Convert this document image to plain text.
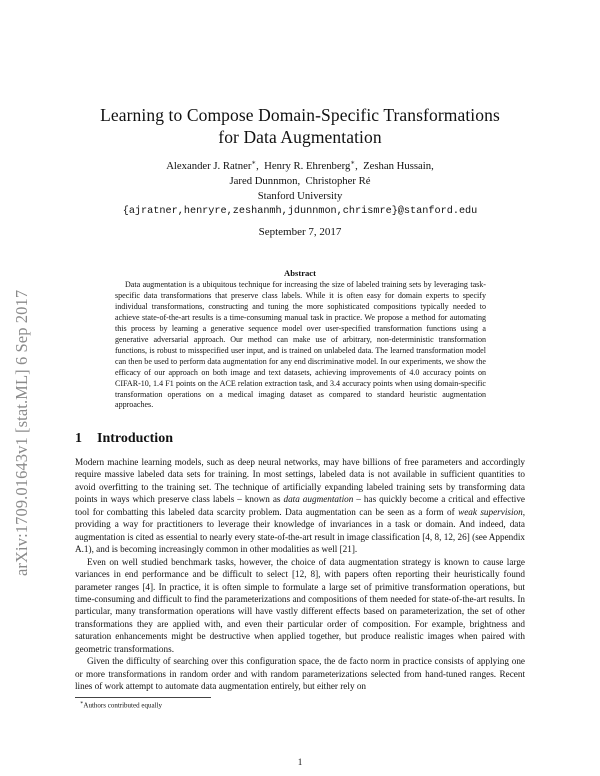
arXiv:1709.01643v1 [stat.ML] 6 Sep 2017
Learning to Compose Domain-Specific Transformations for Data Augmentation
Alexander J. Ratner∗,  Henry R. Ehrenberg∗,  Zeshan Hussain,
Jared Dunnmon, Christopher Ré
Stanford University
{ajratner,henryre,zeshanmh,jdunnmon,chrismre}@stanford.edu
September 7, 2017
Abstract
Data augmentation is a ubiquitous technique for increasing the size of labeled training sets by leveraging task-specific data transformations that preserve class labels. While it is often easy for domain experts to specify individual transformations, constructing and tuning the more sophisticated compositions typically needed to achieve state-of-the-art results is a time-consuming manual task in practice. We propose a method for automating this process by learning a generative sequence model over user-specified transformation functions using a generative adversarial approach. Our method can make use of arbitrary, non-deterministic transformation functions, is robust to misspecified user input, and is trained on unlabeled data. The learned transformation model can then be used to perform data augmentation for any end discriminative model. In our experiments, we show the efficacy of our approach on both image and text datasets, achieving improvements of 4.0 accuracy points on CIFAR-10, 1.4 F1 points on the ACE relation extraction task, and 3.4 accuracy points when using domain-specific transformation operations on a medical imaging dataset as compared to standard heuristic augmentation approaches.
1 Introduction

Modern machine learning models, such as deep neural networks, may have billions of free parameters and accordingly require massive labeled data sets for training. In most settings, labeled data is not available in sufficient quantities to avoid overfitting to the training set. The technique of artificially expanding labeled training sets by transforming data points in ways which preserve class labels – known as data augmentation – has quickly become a critical and effective tool for combatting this labeled data scarcity problem. Data augmentation can be seen as a form of weak supervision, providing a way for practitioners to leverage their knowledge of invariances in a task or domain. And indeed, data augmentation is cited as essential to nearly every state-of-the-art result in image classification [4, 8, 12, 26] (see Appendix A.1), and is becoming increasingly common in other modalities as well [21].

Even on well studied benchmark tasks, however, the choice of data augmentation strategy is known to cause large variances in end performance and be difficult to select [12, 8], with papers often reporting their heuristically found parameter ranges [4]. In practice, it is often simple to formulate a large set of primitive transformation operations, but time-consuming and difficult to find the parameterizations and compositions of them needed for state-of-the-art results. In particular, many transformation operations will have vastly different effects based on parameterization, the set of other transformations they are applied with, and even their particular order of composition. For example, brightness and saturation enhancements might be destructive when applied together, but produce realistic images when paired with geometric transformations.

Given the difficulty of searching over this configuration space, the de facto norm in practice consists of applying one or more transformations in random order and with random parameterizations selected from hand-tuned ranges. Recent lines of work attempt to automate data augmentation entirely, but either rely on

∗Authors contributed equally
1
